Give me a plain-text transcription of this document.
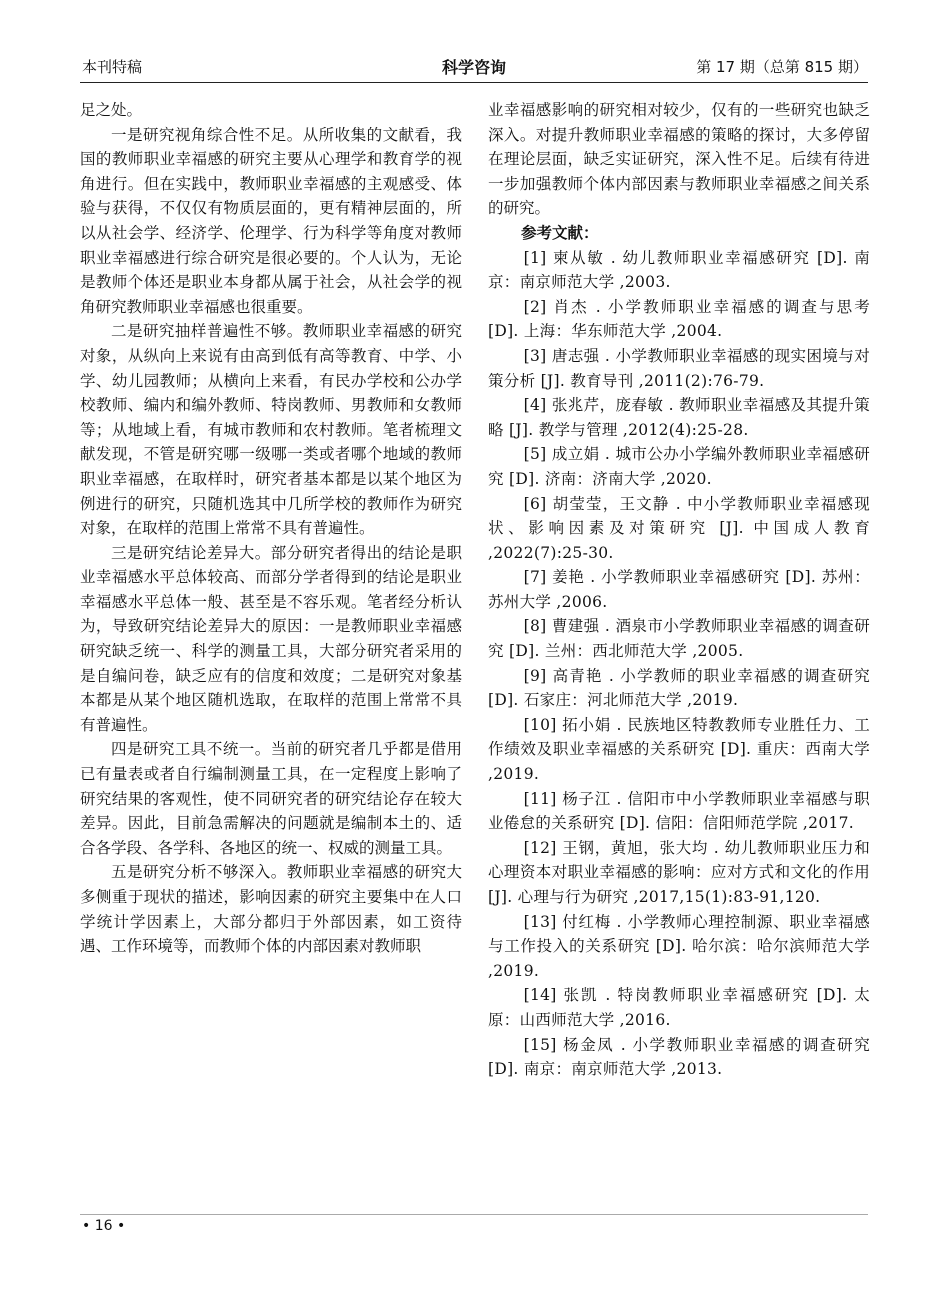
本刊特稿	科学咨询	第 17 期（总第 815 期）

足之处。

一是研究视角综合性不足。从所收集的文献看，我国的教师职业幸福感的研究主要从心理学和教育学的视角进行。但在实践中，教师职业幸福感的主观感受、体验与获得，不仅仅有物质层面的，更有精神层面的，所以从社会学、经济学、伦理学、行为科学等角度对教师职业幸福感进行综合研究是很必要的。个人认为，无论是教师个体还是职业本身都从属于社会，从社会学的视角研究教师职业幸福感也很重要。

二是研究抽样普遍性不够。教师职业幸福感的研究对象，从纵向上来说有由高到低有高等教育、中学、小学、幼儿园教师；从横向上来看，有民办学校和公办学校教师、编内和编外教师、特岗教师、男教师和女教师等；从地域上看，有城市教师和农村教师。笔者梳理文献发现，不管是研究哪一级哪一类或者哪个地域的教师职业幸福感，在取样时，研究者基本都是以某个地区为例进行的研究，只随机选其中几所学校的教师作为研究对象，在取样的范围上常常不具有普遍性。

三是研究结论差异大。部分研究者得出的结论是职业幸福感水平总体较高、而部分学者得到的结论是职业幸福感水平总体一般、甚至是不容乐观。笔者经分析认为，导致研究结论差异大的原因：一是教师职业幸福感研究缺乏统一、科学的测量工具，大部分研究者采用的是自编问卷，缺乏应有的信度和效度；二是研究对象基本都是从某个地区随机选取，在取样的范围上常常不具有普遍性。

四是研究工具不统一。当前的研究者几乎都是借用已有量表或者自行编制测量工具，在一定程度上影响了研究结果的客观性，使不同研究者的研究结论存在较大差异。因此，目前急需解决的问题就是编制本土的、适合各学段、各学科、各地区的统一、权威的测量工具。

五是研究分析不够深入。教师职业幸福感的研究大多侧重于现状的描述，影响因素的研究主要集中在人口学统计学因素上，大部分都归于外部因素，如工资待遇、工作环境等，而教师个体的内部因素对教师职

业幸福感影响的研究相对较少，仅有的一些研究也缺乏深入。对提升教师职业幸福感的策略的探讨，大多停留在理论层面，缺乏实证研究，深入性不足。后续有待进一步加强教师个体内部因素与教师职业幸福感之间关系的研究。

参考文献：

[1] 柬从敏 . 幼儿教师职业幸福感研究 [D]. 南京：南京师范大学 ,2003.

[2] 肖杰 . 小学教师职业幸福感的调查与思考 [D]. 上海：华东师范大学 ,2004.

[3] 唐志强 . 小学教师职业幸福感的现实困境与对策分析 [J]. 教育导刊 ,2011(2):76-79.

[4] 张兆芹，庞春敏 . 教师职业幸福感及其提升策略 [J]. 教学与管理 ,2012(4):25-28.

[5] 成立娟 . 城市公办小学编外教师职业幸福感研究 [D]. 济南：济南大学 ,2020.

[6] 胡莹莹，王文静 . 中小学教师职业幸福感现状、影响因素及对策研究 [J]. 中国成人教育 ,2022(7):25-30.

[7] 姜艳 . 小学教师职业幸福感研究 [D]. 苏州：苏州大学 ,2006.

[8] 曹建强 . 酒泉市小学教师职业幸福感的调查研究 [D]. 兰州：西北师范大学 ,2005.

[9] 高青艳 . 小学教师的职业幸福感的调查研究 [D]. 石家庄：河北师范大学 ,2019.

[10] 拓小娟 . 民族地区特教教师专业胜任力、工作绩效及职业幸福感的关系研究 [D]. 重庆：西南大学 ,2019.

[11] 杨子江 . 信阳市中小学教师职业幸福感与职业倦怠的关系研究 [D]. 信阳：信阳师范学院 ,2017.

[12] 王钢，黄旭，张大均 . 幼儿教师职业压力和心理资本对职业幸福感的影响：应对方式和文化的作用 [J]. 心理与行为研究 ,2017,15(1):83-91,120.

[13] 付红梅 . 小学教师心理控制源、职业幸福感与工作投入的关系研究 [D]. 哈尔滨：哈尔滨师范大学 ,2019.

[14] 张凯 . 特岗教师职业幸福感研究 [D]. 太原：山西师范大学 ,2016.

[15] 杨金凤 . 小学教师职业幸福感的调查研究 [D]. 南京：南京师范大学 ,2013.

• 16 •
